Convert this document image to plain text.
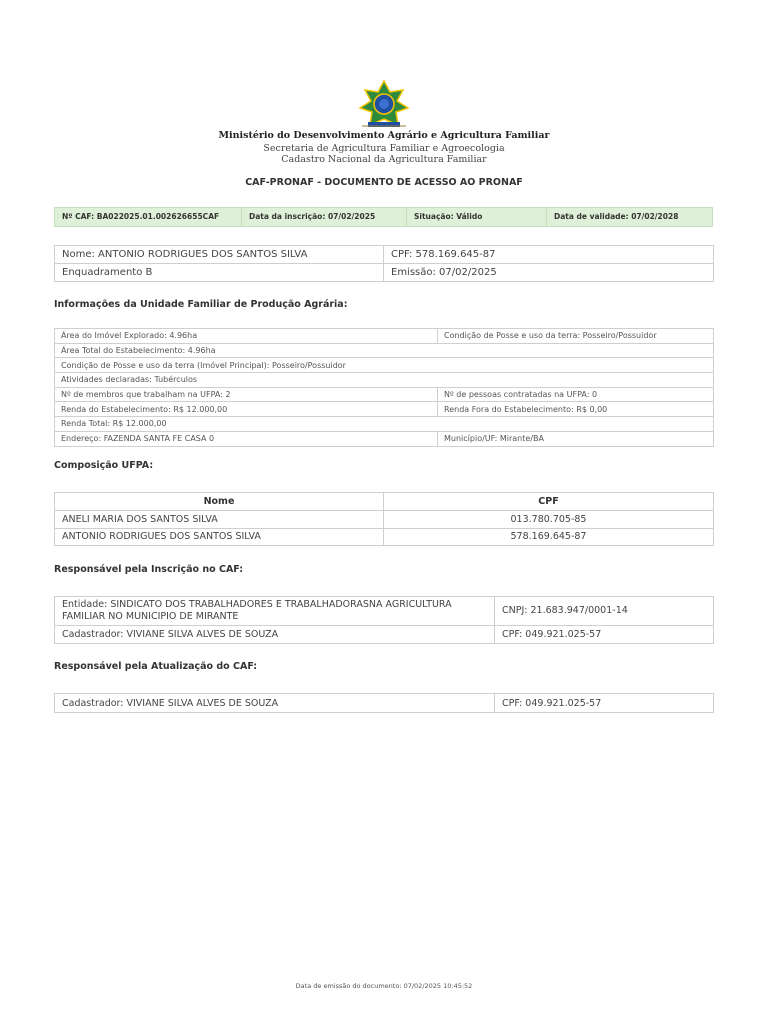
Ministério do Desenvolvimento Agrário e Agricultura Familiar
Secretaria de Agricultura Familiar e Agroecologia
Cadastro Nacional da Agricultura Familiar
CAF-PRONAF - DOCUMENTO DE ACESSO AO PRONAF
Nº CAF: BA022025.01.002626655CAF	Data da inscrição: 07/02/2025	Situação: Válido	Data de validade: 07/02/2028
Nome: ANTONIO RODRIGUES DOS SANTOS SILVA	CPF: 578.169.645-87
Enquadramento B	Emissão: 07/02/2025
Informações da Unidade Familiar de Produção Agrária:
Área do Imóvel Explorado: 4.96ha	Condição de Posse e uso da terra: Posseiro/Possuidor
Área Total do Estabelecimento: 4.96ha	
Condição de Posse e uso da terra (Imóvel Principal): Posseiro/Possuidor	
Atividades declaradas: Tubérculos	
Nº de membros que trabalham na UFPA: 2	Nº de pessoas contratadas na UFPA: 0
Renda do Estabelecimento: R$ 12.000,00	Renda Fora do Estabelecimento: R$ 0,00
Renda Total: R$ 12.000,00	
Endereço: FAZENDA SANTA FE CASA 0	Município/UF: Mirante/BA
Composição UFPA:
Nome	CPF
ANELI MARIA DOS SANTOS SILVA	013.780.705-85
ANTONIO RODRIGUES DOS SANTOS SILVA	578.169.645-87
Responsável pela Inscrição no CAF:
Entidade: SINDICATO DOS TRABALHADORES E TRABALHADORASNA AGRICULTURA FAMILIAR NO MUNICIPIO DE MIRANTE	CNPJ: 21.683.947/0001-14
Cadastrador: VIVIANE SILVA ALVES DE SOUZA	CPF: 049.921.025-57
Responsável pela Atualização do CAF:
Cadastrador: VIVIANE SILVA ALVES DE SOUZA	CPF: 049.921.025-57
Data de emissão do documento: 07/02/2025 10:45:52
